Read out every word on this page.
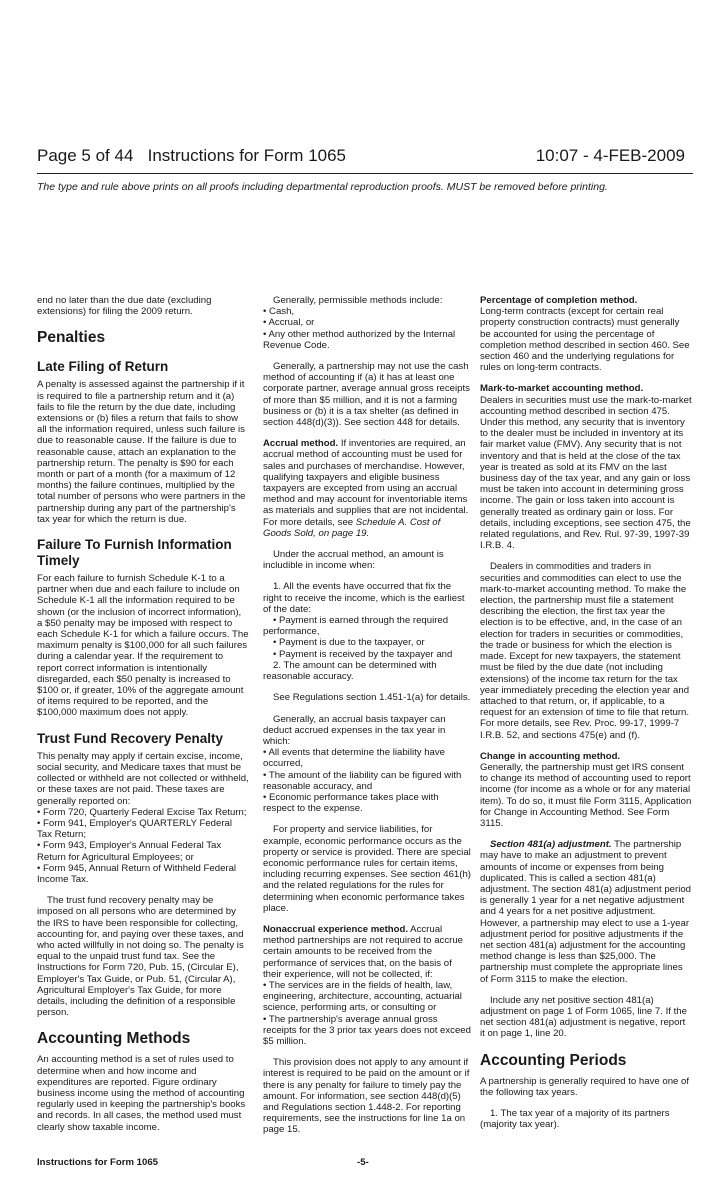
Page 5 of 44 Instructions for Form 1065	10:07 - 4-FEB-2009
The type and rule above prints on all proofs including departmental reproduction proofs. MUST be removed before printing.

end no later than the due date (excluding extensions) for filing the 2009 return.

Penalties
Late Filing of Return

A penalty is assessed against the partnership if it is required to file a partnership return and it (a) fails to file the return by the due date, including extensions or (b) files a return that fails to show all the information required, unless such failure is due to reasonable cause. If the failure is due to reasonable cause, attach an explanation to the partnership return. The penalty is $90 for each month or part of a month (for a maximum of 12 months) the failure continues, multiplied by the total number of persons who were partners in the partnership during any part of the partnership's tax year for which the return is due.

Failure To Furnish Information Timely

For each failure to furnish Schedule K-1 to a partner when due and each failure to include on Schedule K-1 all the information required to be shown (or the inclusion of incorrect information), a $50 penalty may be imposed with respect to each Schedule K-1 for which a failure occurs. The maximum penalty is $100,000 for all such failures during a calendar year. If the requirement to report correct information is intentionally disregarded, each $50 penalty is increased to $100 or, if greater, 10% of the aggregate amount of items required to be reported, and the $100,000 maximum does not apply.

Trust Fund Recovery Penalty

This penalty may apply if certain excise, income, social security, and Medicare taxes that must be collected or withheld are not collected or withheld, or these taxes are not paid. These taxes are generally reported on:

• Form 720, Quarterly Federal Excise Tax Return;

• Form 941, Employer's QUARTERLY Federal Tax Return;

• Form 943, Employer's Annual Federal Tax Return for Agricultural Employees; or

• Form 945, Annual Return of Withheld Federal Income Tax.

The trust fund recovery penalty may be imposed on all persons who are determined by the IRS to have been responsible for collecting, accounting for, and paying over these taxes, and who acted willfully in not doing so. The penalty is equal to the unpaid trust fund tax. See the Instructions for Form 720, Pub. 15, (Circular E), Employer's Tax Guide, or Pub. 51, (Circular A), Agricultural Employer's Tax Guide, for more details, including the definition of a responsible person.

Accounting Methods

An accounting method is a set of rules used to determine when and how income and expenditures are reported. Figure ordinary business income using the method of accounting regularly used in keeping the partnership's books and records. In all cases, the method used must clearly show taxable income.

Generally, permissible methods include:

• Cash,

• Accrual, or

• Any other method authorized by the Internal Revenue Code.

Generally, a partnership may not use the cash method of accounting if (a) it has at least one corporate partner, average annual gross receipts of more than $5 million, and it is not a farming business or (b) it is a tax shelter (as defined in section 448(d)(3)). See section 448 for details.

Accrual method. If inventories are required, an accrual method of accounting must be used for sales and purchases of merchandise. However, qualifying taxpayers and eligible business taxpayers are excepted from using an accrual method and may account for inventoriable items as materials and supplies that are not incidental. For more details, see Schedule A. Cost of Goods Sold, on page 19.

Under the accrual method, an amount is includible in income when:

1. All the events have occurred that fix the right to receive the income, which is the earliest of the date:

• Payment is earned through the required performance,

• Payment is due to the taxpayer, or

• Payment is received by the taxpayer and

2. The amount can be determined with reasonable accuracy.

See Regulations section 1.451-1(a) for details.

Generally, an accrual basis taxpayer can deduct accrued expenses in the tax year in which:

• All events that determine the liability have occurred,

• The amount of the liability can be figured with reasonable accuracy, and

• Economic performance takes place with respect to the expense.

For property and service liabilities, for example, economic performance occurs as the property or service is provided. There are special economic performance rules for certain items, including recurring expenses. See section 461(h) and the related regulations for the rules for determining when economic performance takes place.

Nonaccrual experience method. Accrual method partnerships are not required to accrue certain amounts to be received from the performance of services that, on the basis of their experience, will not be collected, if:

• The services are in the fields of health, law, engineering, architecture, accounting, actuarial science, performing arts, or consulting or

• The partnership's average annual gross receipts for the 3 prior tax years does not exceed $5 million.

This provision does not apply to any amount if interest is required to be paid on the amount or if there is any penalty for failure to timely pay the amount. For information, see section 448(d)(5) and Regulations section 1.448-2. For reporting requirements, see the instructions for line 1a on page 15.

Percentage of completion method.

Long-term contracts (except for certain real property construction contracts) must generally be accounted for using the percentage of completion method described in section 460. See section 460 and the underlying regulations for rules on long-term contracts.

Mark-to-market accounting method.

Dealers in securities must use the mark-to-market accounting method described in section 475. Under this method, any security that is inventory to the dealer must be included in inventory at its fair market value (FMV). Any security that is not inventory and that is held at the close of the tax year is treated as sold at its FMV on the last business day of the tax year, and any gain or loss must be taken into account in determining gross income. The gain or loss taken into account is generally treated as ordinary gain or loss. For details, including exceptions, see section 475, the related regulations, and Rev. Rul. 97-39, 1997-39 I.R.B. 4.

Dealers in commodities and traders in securities and commodities can elect to use the mark-to-market accounting method. To make the election, the partnership must file a statement describing the election, the first tax year the election is to be effective, and, in the case of an election for traders in securities or commodities, the trade or business for which the election is made. Except for new taxpayers, the statement must be filed by the due date (not including extensions) of the income tax return for the tax year immediately preceding the election year and attached to that return, or, if applicable, to a request for an extension of time to file that return. For more details, see Rev. Proc. 99-17, 1999-7 I.R.B. 52, and sections 475(e) and (f).

Change in accounting method.

Generally, the partnership must get IRS consent to change its method of accounting used to report income (for income as a whole or for any material item). To do so, it must file Form 3115, Application for Change in Accounting Method. See Form 3115.

Section 481(a) adjustment. The partnership may have to make an adjustment to prevent amounts of income or expenses from being duplicated. This is called a section 481(a) adjustment. The section 481(a) adjustment period is generally 1 year for a net negative adjustment and 4 years for a net positive adjustment. However, a partnership may elect to use a 1-year adjustment period for positive adjustments if the net section 481(a) adjustment for the accounting method change is less than $25,000. The partnership must complete the appropriate lines of Form 3115 to make the election.

Include any net positive section 481(a) adjustment on page 1 of Form 1065, line 7. If the net section 481(a) adjustment is negative, report it on page 1, line 20.

Accounting Periods

A partnership is generally required to have one of the following tax years.

1. The tax year of a majority of its partners (majority tax year).

Instructions for Form 1065	-5-
